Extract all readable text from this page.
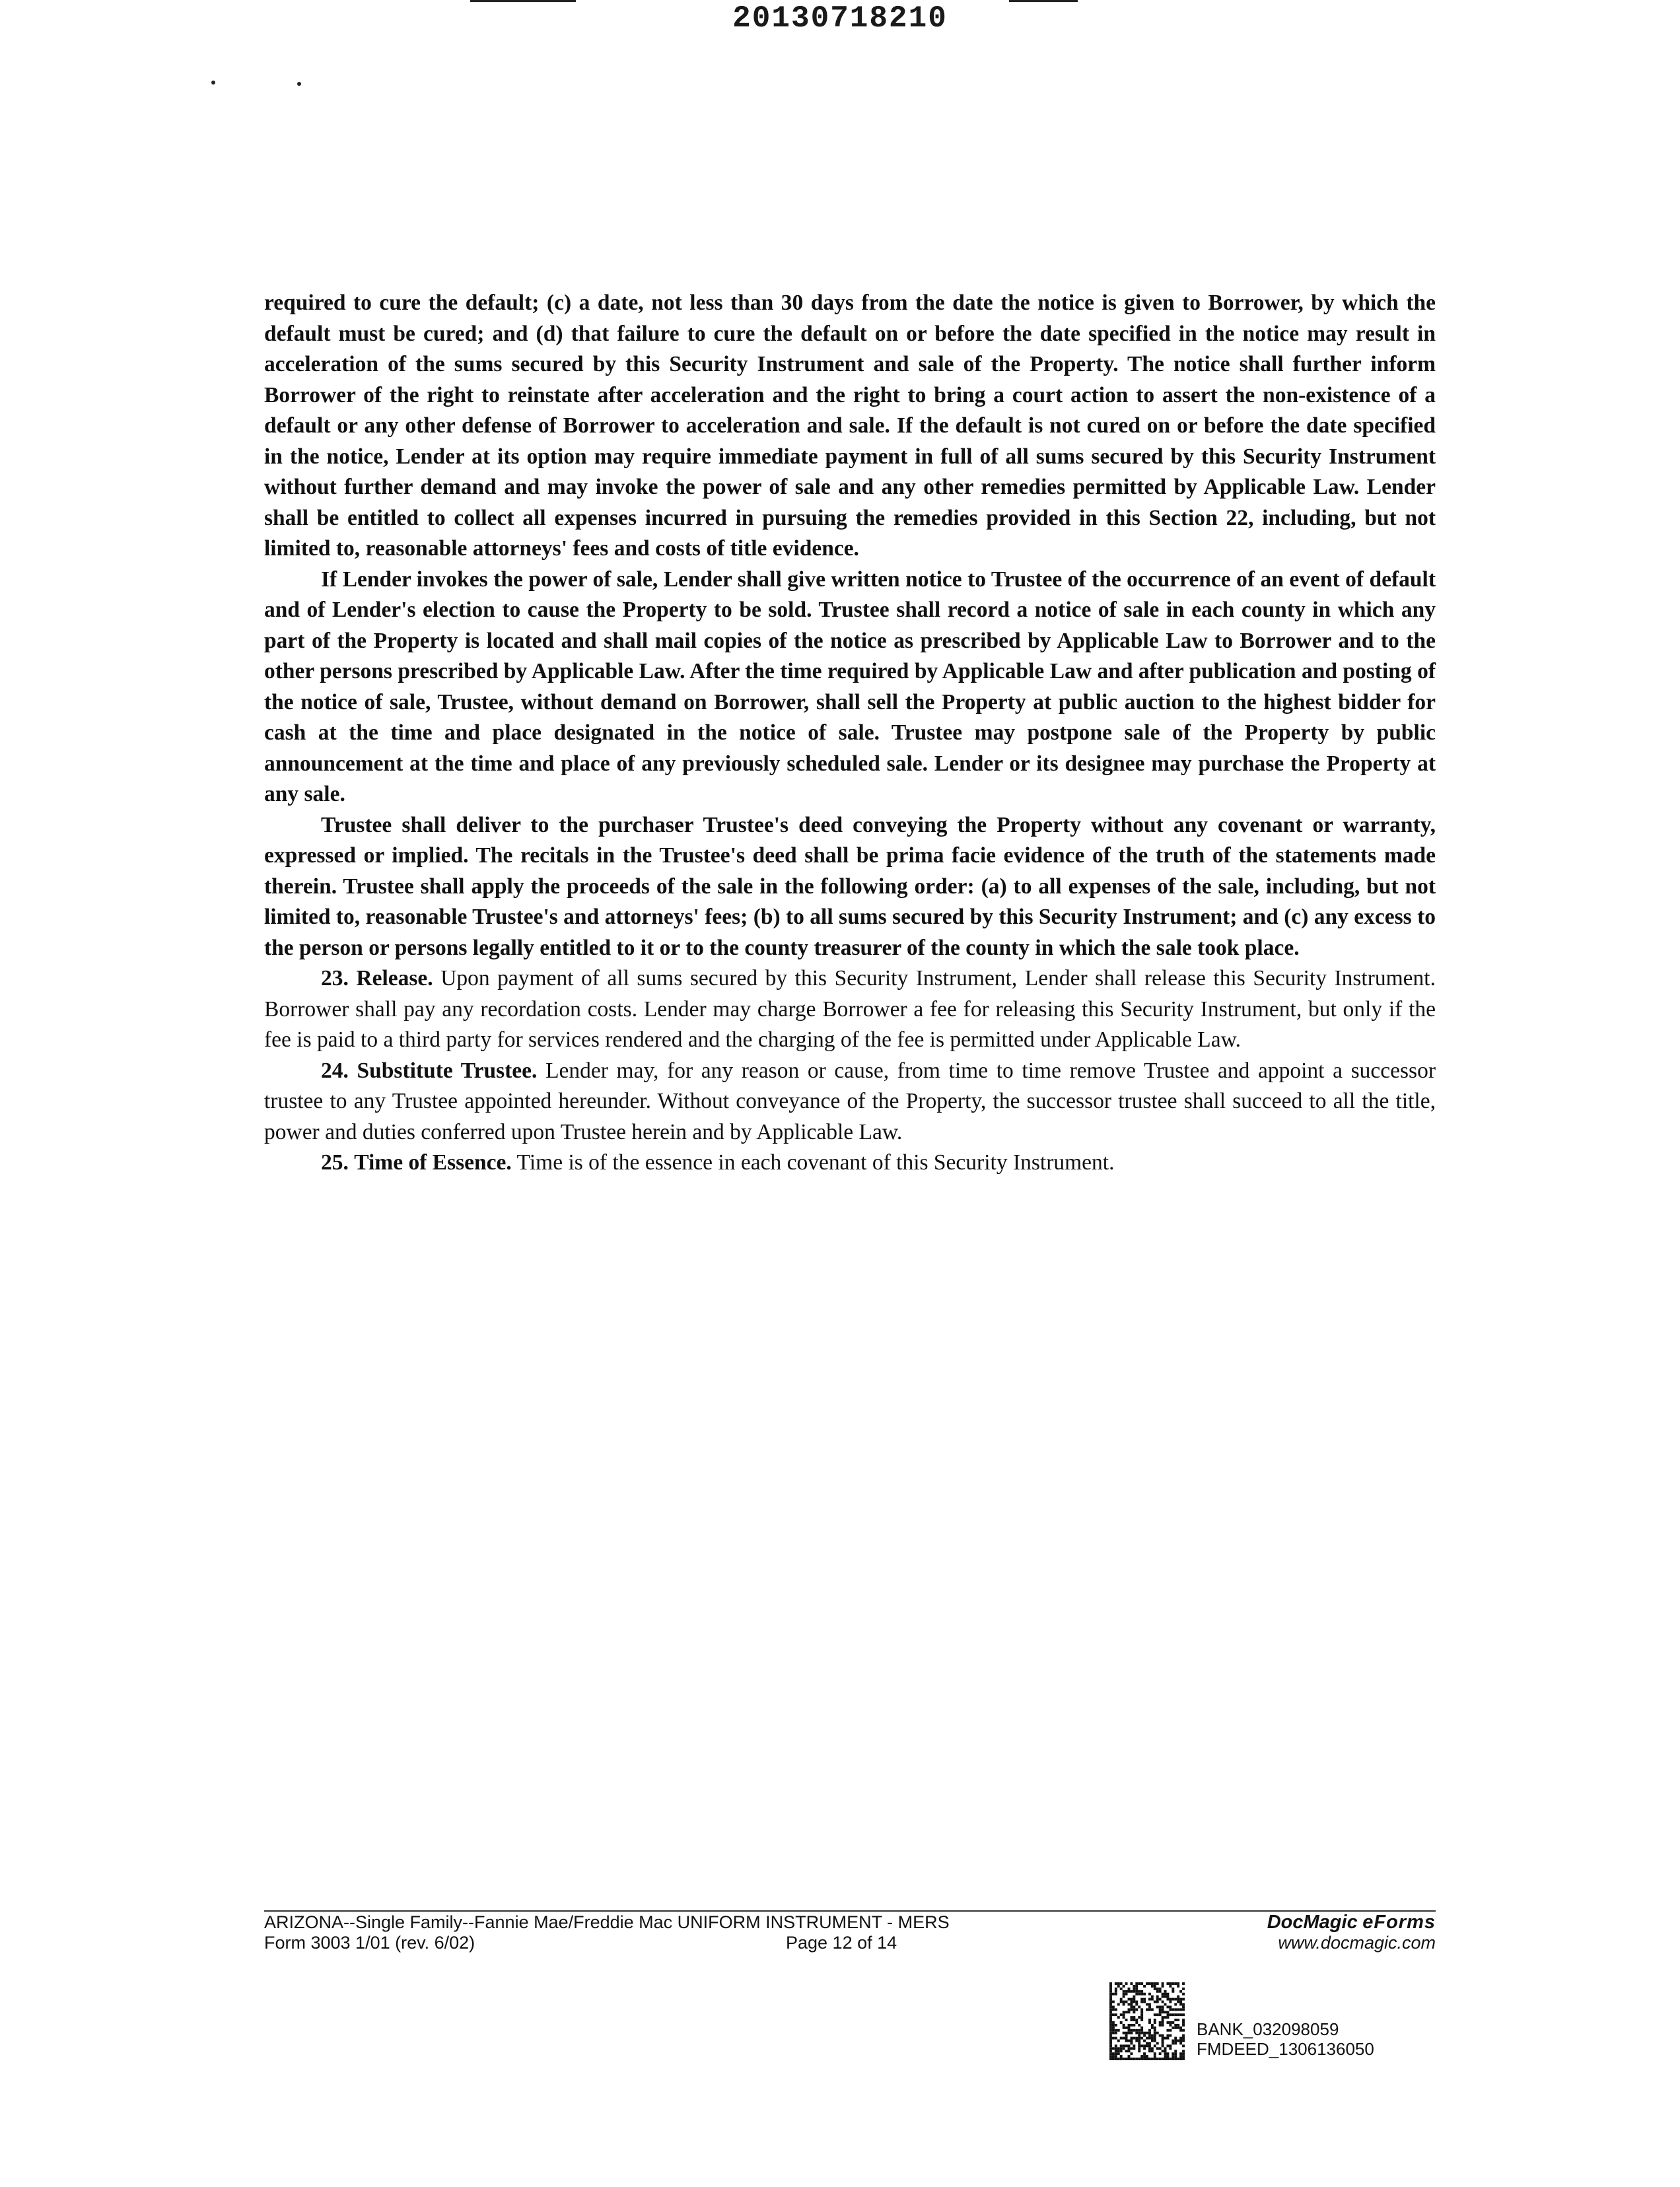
20130718210

required to cure the default; (c) a date, not less than 30 days from the date the notice is given to Borrower, by which the default must be cured; and (d) that failure to cure the default on or before the date specified in the notice may result in acceleration of the sums secured by this Security Instrument and sale of the Property. The notice shall further inform Borrower of the right to reinstate after acceleration and the right to bring a court action to assert the non-existence of a default or any other defense of Borrower to acceleration and sale. If the default is not cured on or before the date specified in the notice, Lender at its option may require immediate payment in full of all sums secured by this Security Instrument without further demand and may invoke the power of sale and any other remedies permitted by Applicable Law. Lender shall be entitled to collect all expenses incurred in pursuing the remedies provided in this Section 22, including, but not limited to, reasonable attorneys' fees and costs of title evidence.

If Lender invokes the power of sale, Lender shall give written notice to Trustee of the occurrence of an event of default and of Lender's election to cause the Property to be sold. Trustee shall record a notice of sale in each county in which any part of the Property is located and shall mail copies of the notice as prescribed by Applicable Law to Borrower and to the other persons prescribed by Applicable Law. After the time required by Applicable Law and after publication and posting of the notice of sale, Trustee, without demand on Borrower, shall sell the Property at public auction to the highest bidder for cash at the time and place designated in the notice of sale. Trustee may postpone sale of the Property by public announcement at the time and place of any previously scheduled sale. Lender or its designee may purchase the Property at any sale.

Trustee shall deliver to the purchaser Trustee's deed conveying the Property without any covenant or warranty, expressed or implied. The recitals in the Trustee's deed shall be prima facie evidence of the truth of the statements made therein. Trustee shall apply the proceeds of the sale in the following order: (a) to all expenses of the sale, including, but not limited to, reasonable Trustee's and attorneys' fees; (b) to all sums secured by this Security Instrument; and (c) any excess to the person or persons legally entitled to it or to the county treasurer of the county in which the sale took place.

23. Release. Upon payment of all sums secured by this Security Instrument, Lender shall release this Security Instrument. Borrower shall pay any recordation costs. Lender may charge Borrower a fee for releasing this Security Instrument, but only if the fee is paid to a third party for services rendered and the charging of the fee is permitted under Applicable Law.

24. Substitute Trustee. Lender may, for any reason or cause, from time to time remove Trustee and appoint a successor trustee to any Trustee appointed hereunder. Without conveyance of the Property, the successor trustee shall succeed to all the title, power and duties conferred upon Trustee herein and by Applicable Law.

25. Time of Essence. Time is of the essence in each covenant of this Security Instrument.

ARIZONA--Single Family--Fannie Mae/Freddie Mac UNIFORM INSTRUMENT - MERS
Form 3003 1/01 (rev. 6/02)	Page 12 of 14
DocMagic eForms
www.docmagic.com
BANK_032098059
FMDEED_1306136050
